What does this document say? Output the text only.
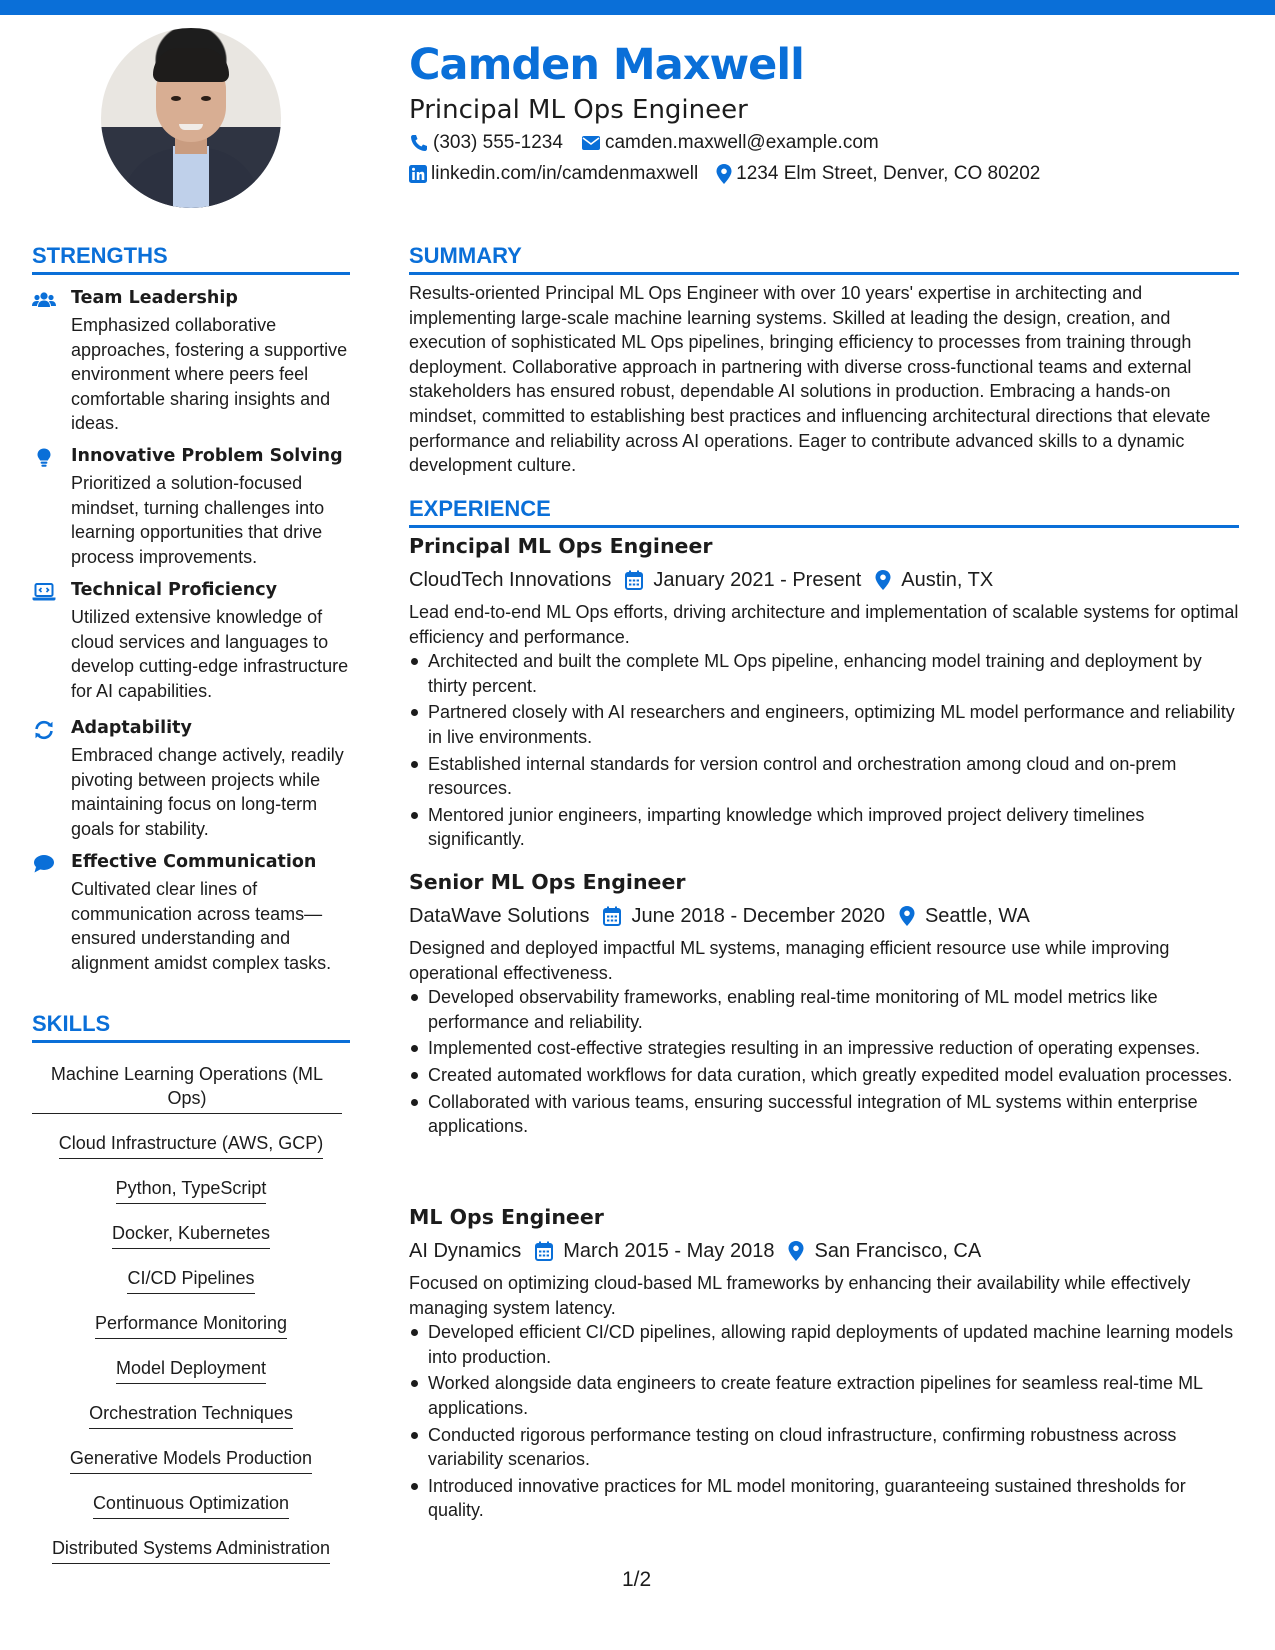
Camden Maxwell
Principal ML Ops Engineer
(303) 555-1234 camden.maxwell@example.com
linkedin.com/in/camdenmaxwell 1234 Elm Street, Denver, CO 80202
STRENGTHS
Team Leadership
Emphasized collaborative approaches, fostering a supportive environment where peers feel comfortable sharing insights and ideas.
Innovative Problem Solving
Prioritized a solution-focused mindset, turning challenges into learning opportunities that drive process improvements.
Technical Proficiency
Utilized extensive knowledge of cloud services and languages to develop cutting-edge infrastructure for AI capabilities.
Adaptability
Embraced change actively, readily pivoting between projects while maintaining focus on long-term goals for stability.
Effective Communication
Cultivated clear lines of communication across teams—ensured understanding and alignment amidst complex tasks.
SKILLS
Machine Learning Operations (ML Ops)
Cloud Infrastructure (AWS, GCP)
Python, TypeScript
Docker, Kubernetes
CI/CD Pipelines
Performance Monitoring
Model Deployment
Orchestration Techniques
Generative Models Production
Continuous Optimization
Distributed Systems Administration
SUMMARY
Results-oriented Principal ML Ops Engineer with over 10 years' expertise in architecting and implementing large-scale machine learning systems. Skilled at leading the design, creation, and execution of sophisticated ML Ops pipelines, bringing efficiency to processes from training through deployment. Collaborative approach in partnering with diverse cross-functional teams and external stakeholders has ensured robust, dependable AI solutions in production. Embracing a hands-on mindset, committed to establishing best practices and influencing architectural directions that elevate performance and reliability across AI operations. Eager to contribute advanced skills to a dynamic development culture.
EXPERIENCE
Principal ML Ops Engineer
CloudTech Innovations January 2021 - Present Austin, TX
Lead end-to-end ML Ops efforts, driving architecture and implementation of scalable systems for optimal efficiency and performance.
Architected and built the complete ML Ops pipeline, enhancing model training and deployment by thirty percent.
Partnered closely with AI researchers and engineers, optimizing ML model performance and reliability in live environments.
Established internal standards for version control and orchestration among cloud and on-prem resources.
Mentored junior engineers, imparting knowledge which improved project delivery timelines significantly.
Senior ML Ops Engineer
DataWave Solutions June 2018 - December 2020 Seattle, WA
Designed and deployed impactful ML systems, managing efficient resource use while improving operational effectiveness.
Developed observability frameworks, enabling real-time monitoring of ML model metrics like performance and reliability.
Implemented cost-effective strategies resulting in an impressive reduction of operating expenses.
Created automated workflows for data curation, which greatly expedited model evaluation processes.
Collaborated with various teams, ensuring successful integration of ML systems within enterprise applications.
ML Ops Engineer
AI Dynamics March 2015 - May 2018 San Francisco, CA
Focused on optimizing cloud-based ML frameworks by enhancing their availability while effectively managing system latency.
Developed efficient CI/CD pipelines, allowing rapid deployments of updated machine learning models into production.
Worked alongside data engineers to create feature extraction pipelines for seamless real-time ML applications.
Conducted rigorous performance testing on cloud infrastructure, confirming robustness across variability scenarios.
Introduced innovative practices for ML model monitoring, guaranteeing sustained thresholds for quality.
1/2
